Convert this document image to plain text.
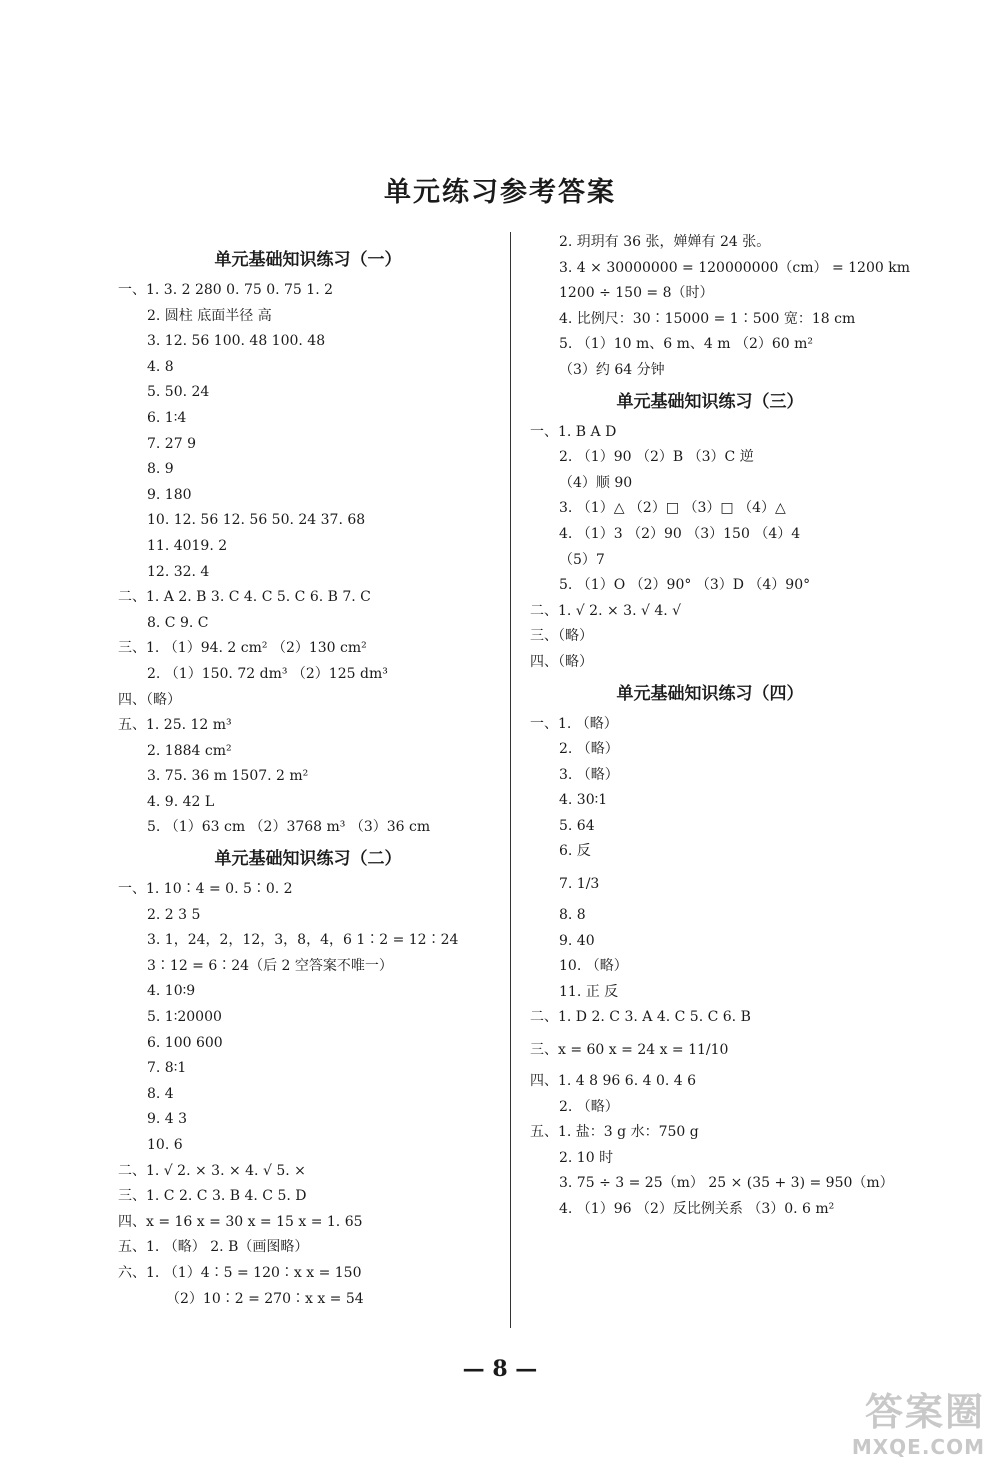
单元练习参考答案
单元基础知识练习（一）
一、1. 3. 2 280 0. 75 0. 75 1. 2
2. 圆柱 底面半径 高
3. 12. 56 100. 48 100. 48
4. 8
5. 50. 24
6. 1∶4
7. 27 9
8. 9
9. 180
10. 12. 56 12. 56 50. 24 37. 68
11. 4019. 2
12. 32. 4
二、1. A 2. B 3. C 4. C 5. C 6. B 7. C
8. C 9. C
三、1. （1）94. 2 cm² （2）130 cm²
2. （1）150. 72 dm³ （2）125 dm³
四、（略）
五、1. 25. 12 m³
2. 1884 cm²
3. 75. 36 m 1507. 2 m²
4. 9. 42 L
5. （1）63 cm （2）3768 m³ （3）36 cm
单元基础知识练习（二）
一、1. 10∶4 = 0. 5∶0. 2
2. 2 3 5
3. 1，24，2，12，3，8，4，6 1∶2 = 12∶24
3∶12 = 6∶24（后 2 空答案不唯一）
4. 10∶9
5. 1∶20000
6. 100 600
7. 8∶1
8. 4
9. 4 3
10. 6
二、1. √ 2. × 3. × 4. √ 5. ×
三、1. C 2. C 3. B 4. C 5. D
四、x = 16 x = 30 x = 15 x = 1. 65
五、1. （略） 2. B（画图略）
六、1. （1）4∶5 = 120∶x x = 150
（2）10∶2 = 270∶x x = 54
2. 玥玥有 36 张，婵婵有 24 张。
3. 4 × 30000000 = 120000000（cm） = 1200 km
1200 ÷ 150 = 8（时）
4. 比例尺：30∶15000 = 1∶500 宽：18 cm
5. （1）10 m、6 m、4 m （2）60 m²
（3）约 64 分钟
单元基础知识练习（三）
一、1. B A D
2. （1）90 （2）B （3）C 逆
（4）顺 90
3. （1）△ （2）□ （3）□ （4）△
4. （1）3 （2）90 （3）150 （4）4
（5）7
5. （1）O （2）90° （3）D （4）90°
二、1. √ 2. × 3. √ 4. √
三、（略）
四、（略）
单元基础知识练习（四）
一、1. （略）
2. （略）
3. （略）
4. 30∶1
5. 64
6. 反
7. 1/3
8. 8
9. 40
10. （略）
11. 正 反
二、1. D 2. C 3. A 4. C 5. C 6. B
三、x = 60 x = 24 x = 11/10
四、1. 4 8 96 6. 4 0. 4 6
2. （略）
五、1. 盐：3 g 水：750 g
2. 10 时
3. 75 ÷ 3 = 25（m） 25 × (35 + 3) = 950（m）
4. （1）96 （2）反比例关系 （3）0. 6 m²
— 8 —
答案圈
MXQE.COM
